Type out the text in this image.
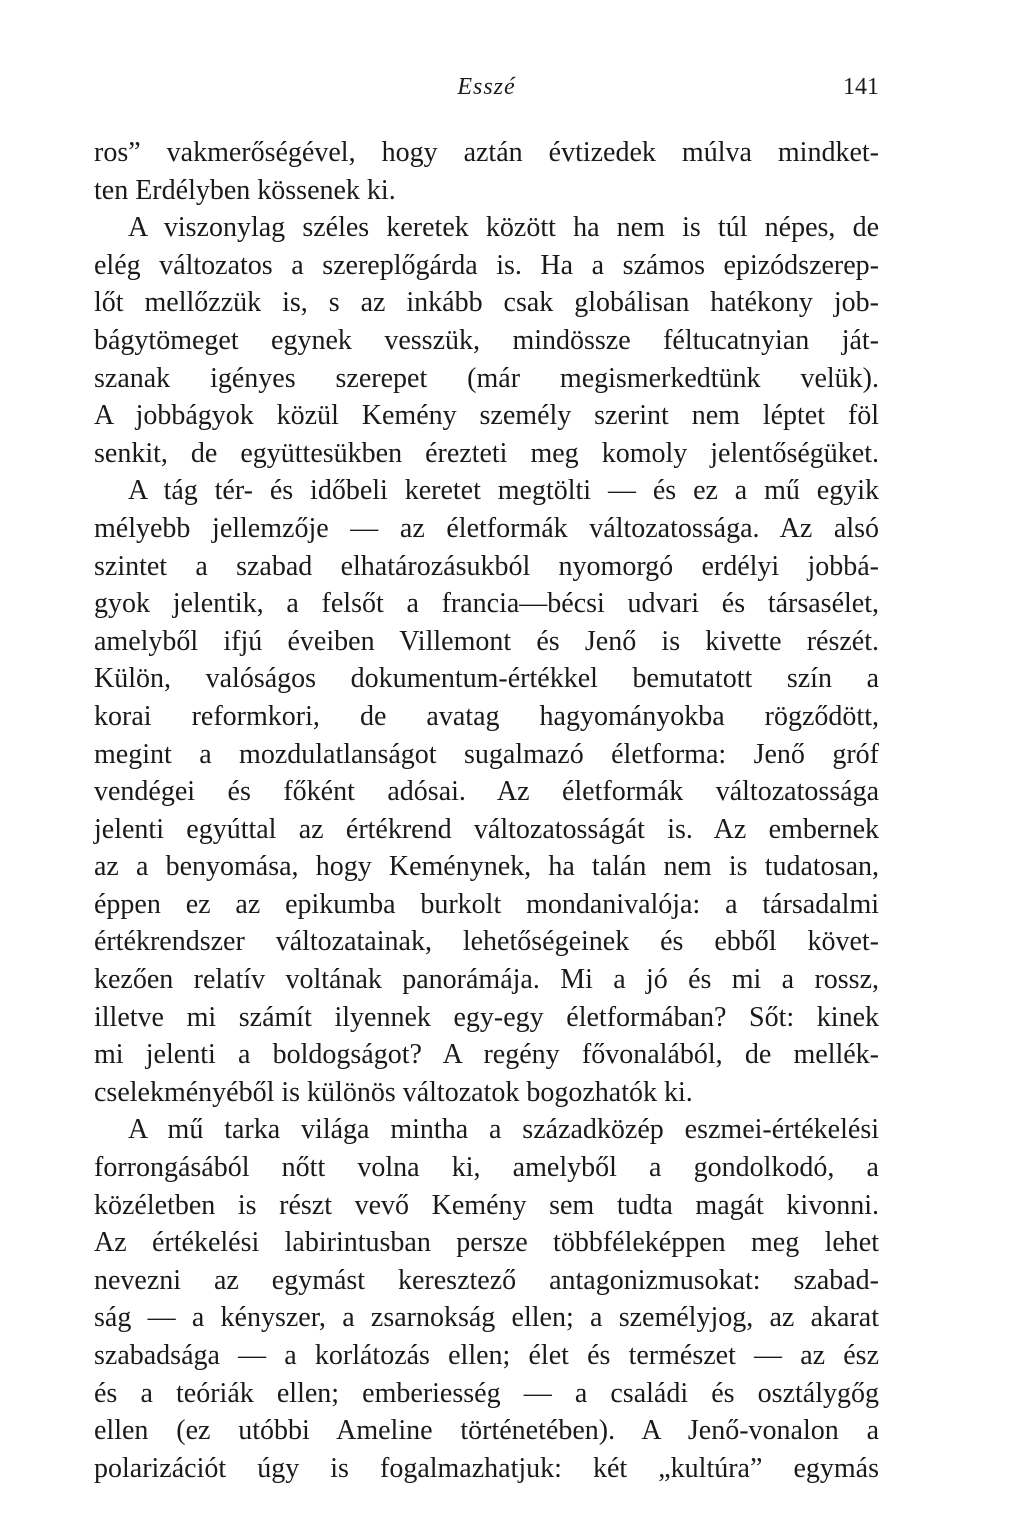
Esszé	141
ros” vakmerőségével, hogy aztán évtizedek múlva mindket-
ten Erdélyben kössenek ki.
A viszonylag széles keretek között ha nem is túl népes, de
elég változatos a szereplőgárda is. Ha a számos epizódszerep-
lőt mellőzzük is, s az inkább csak globálisan hatékony job-
bágytömeget egynek vesszük, mindössze féltucatnyian ját-
szanak igényes szerepet (már megismerkedtünk velük).
A jobbágyok közül Kemény személy szerint nem léptet föl
senkit, de együttesükben érezteti meg komoly jelentőségüket.
A tág tér- és időbeli keretet megtölti — és ez a mű egyik
mélyebb jellemzője — az életformák változatossága. Az alsó
szintet a szabad elhatározásukból nyomorgó erdélyi jobbá-
gyok jelentik, a felsőt a francia—bécsi udvari és társasélet,
amelyből ifjú éveiben Villemont és Jenő is kivette részét.
Külön, valóságos dokumentum-értékkel bemutatott szín a
korai reformkori, de avatag hagyományokba rögződött,
megint a mozdulatlanságot sugalmazó életforma: Jenő gróf
vendégei és főként adósai. Az életformák változatossága
jelenti egyúttal az értékrend változatosságát is. Az embernek
az a benyomása, hogy Keménynek, ha talán nem is tudatosan,
éppen ez az epikumba burkolt mondanivalója: a társadalmi
értékrendszer változatainak, lehetőségeinek és ebből követ-
kezően relatív voltának panorámája. Mi a jó és mi a rossz,
illetve mi számít ilyennek egy-egy életformában? Sőt: kinek
mi jelenti a boldogságot? A regény fővonalából, de mellék-
cselekményéből is különös változatok bogozhatók ki.
A mű tarka világa mintha a századközép eszmei-értékelési
forrongásából nőtt volna ki, amelyből a gondolkodó, a
közéletben is részt vevő Kemény sem tudta magát kivonni.
Az értékelési labirintusban persze többféleképpen meg lehet
nevezni az egymást keresztező antagonizmusokat: szabad-
ság — a kényszer, a zsarnokság ellen; a személyjog, az akarat
szabadsága — a korlátozás ellen; élet és természet — az ész
és a teóriák ellen; emberiesség — a családi és osztálygőg
ellen (ez utóbbi Ameline történetében). A Jenő-vonalon a
polarizációt úgy is fogalmazhatjuk: két „kultúra” egymás
